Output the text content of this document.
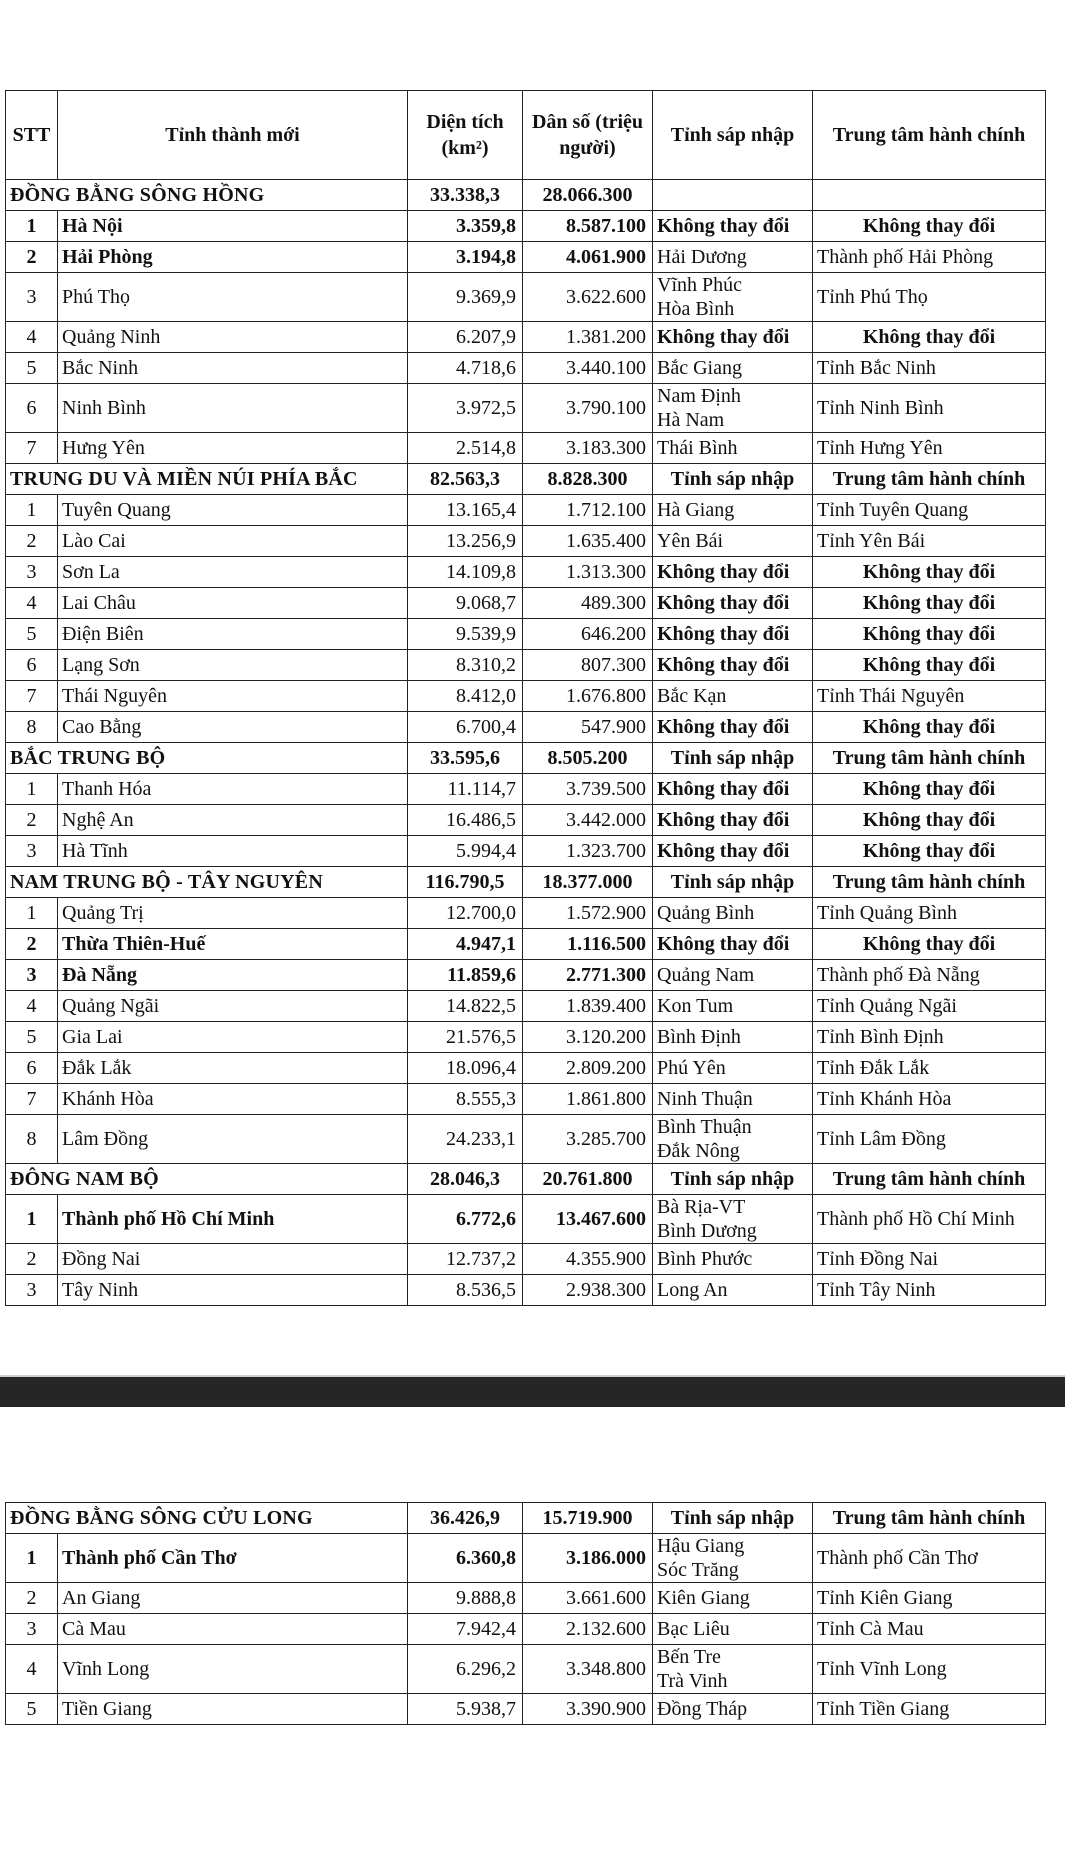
STT	Tỉnh thành mới	Diện tích (km²)	Dân số (triệu người)	Tỉnh sáp nhập	Trung tâm hành chính
ĐỒNG BẰNG SÔNG HỒNG		33.338,3	28.066.300		
1	Hà Nội	3.359,8	8.587.100	Không thay đổi	Không thay đổi
2	Hải Phòng	3.194,8	4.061.900	Hải Dương	Thành phố Hải Phòng
3	Phú Thọ	9.369,9	3.622.600	Vĩnh Phúc
Hòa Bình	Tỉnh Phú Thọ
4	Quảng Ninh	6.207,9	1.381.200	Không thay đổi	Không thay đổi
5	Bắc Ninh	4.718,6	3.440.100	Bắc Giang	Tỉnh Bắc Ninh
6	Ninh Bình	3.972,5	3.790.100	Nam Định
Hà Nam	Tỉnh Ninh Bình
7	Hưng Yên	2.514,8	3.183.300	Thái Bình	Tỉnh Hưng Yên
TRUNG DU VÀ MIỀN NÚI PHÍA BẮC		82.563,3	8.828.300	Tỉnh sáp nhập	Trung tâm hành chính
1	Tuyên Quang	13.165,4	1.712.100	Hà Giang	Tỉnh Tuyên Quang
2	Lào Cai	13.256,9	1.635.400	Yên Bái	Tỉnh Yên Bái
3	Sơn La	14.109,8	1.313.300	Không thay đổi	Không thay đổi
4	Lai Châu	9.068,7	489.300	Không thay đổi	Không thay đổi
5	Điện Biên	9.539,9	646.200	Không thay đổi	Không thay đổi
6	Lạng Sơn	8.310,2	807.300	Không thay đổi	Không thay đổi
7	Thái Nguyên	8.412,0	1.676.800	Bắc Kạn	Tỉnh Thái Nguyên
8	Cao Bằng	6.700,4	547.900	Không thay đổi	Không thay đổi
BẮC TRUNG BỘ		33.595,6	8.505.200	Tỉnh sáp nhập	Trung tâm hành chính
1	Thanh Hóa	11.114,7	3.739.500	Không thay đổi	Không thay đổi
2	Nghệ An	16.486,5	3.442.000	Không thay đổi	Không thay đổi
3	Hà Tĩnh	5.994,4	1.323.700	Không thay đổi	Không thay đổi
NAM TRUNG BỘ - TÂY NGUYÊN		116.790,5	18.377.000	Tỉnh sáp nhập	Trung tâm hành chính
1	Quảng Trị	12.700,0	1.572.900	Quảng Bình	Tỉnh Quảng Bình
2	Thừa Thiên-Huế	4.947,1	1.116.500	Không thay đổi	Không thay đổi
3	Đà Nẵng	11.859,6	2.771.300	Quảng Nam	Thành phố Đà Nẵng
4	Quảng Ngãi	14.822,5	1.839.400	Kon Tum	Tỉnh Quảng Ngãi
5	Gia Lai	21.576,5	3.120.200	Bình Định	Tỉnh Bình Định
6	Đắk Lắk	18.096,4	2.809.200	Phú Yên	Tỉnh Đắk Lắk
7	Khánh Hòa	8.555,3	1.861.800	Ninh Thuận	Tỉnh Khánh Hòa
8	Lâm Đồng	24.233,1	3.285.700	Bình Thuận
Đắk Nông	Tỉnh Lâm Đồng
ĐÔNG NAM BỘ		28.046,3	20.761.800	Tỉnh sáp nhập	Trung tâm hành chính
1	Thành phố Hồ Chí Minh	6.772,6	13.467.600	Bà Rịa-VT
Bình Dương	Thành phố Hồ Chí Minh
2	Đồng Nai	12.737,2	4.355.900	Bình Phước	Tỉnh Đồng Nai
3	Tây Ninh	8.536,5	2.938.300	Long An	Tỉnh Tây Ninh
ĐỒNG BẰNG SÔNG CỬU LONG		36.426,9	15.719.900	Tỉnh sáp nhập	Trung tâm hành chính
1	Thành phố Cần Thơ	6.360,8	3.186.000	Hậu Giang
Sóc Trăng	Thành phố Cần Thơ
2	An Giang	9.888,8	3.661.600	Kiên Giang	Tỉnh Kiên Giang
3	Cà Mau	7.942,4	2.132.600	Bạc Liêu	Tỉnh Cà Mau
4	Vĩnh Long	6.296,2	3.348.800	Bến Tre
Trà Vinh	Tỉnh Vĩnh Long
5	Tiền Giang	5.938,7	3.390.900	Đồng Tháp	Tỉnh Tiền Giang
